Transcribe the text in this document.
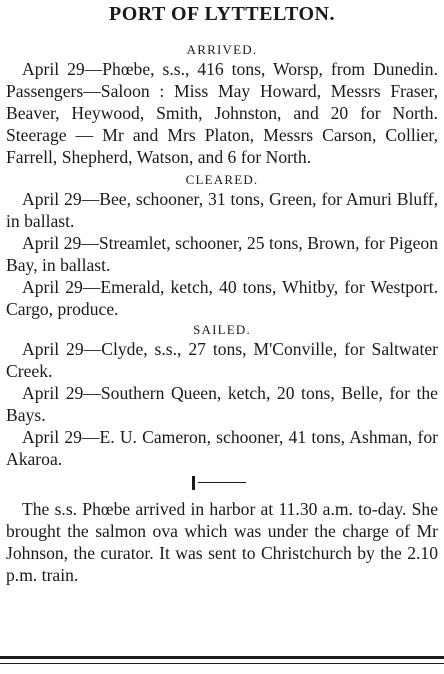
PORT OF LYTTELTON.
ARRIVED.

April 29—Phœbe, s.s., 416 tons, Worsp, from Dunedin. Passengers—Saloon : Miss May Howard, Messrs Fraser, Beaver, Heywood, Smith, Johnston, and 20 for North. Steerage — Mr and Mrs Platon, Messrs Carson, Collier, Farrell, Shepherd, Watson, and 6 for North.

CLEARED.

April 29—Bee, schooner, 31 tons, Green, for Amuri Bluff, in ballast.

April 29—Streamlet, schooner, 25 tons, Brown, for Pigeon Bay, in ballast.

April 29—Emerald, ketch, 40 tons, Whitby, for Westport. Cargo, produce.

SAILED.

April 29—Clyde, s.s., 27 tons, M'Conville, for Saltwater Creek.

April 29—Southern Queen, ketch, 20 tons, Belle, for the Bays.

April 29—E. U. Cameron, schooner, 41 tons, Ashman, for Akaroa.

The s.s. Phœbe arrived in harbor at 11.30 a.m. to-day. She brought the salmon ova which was under the charge of Mr Johnson, the curator. It was sent to Christchurch by the 2.10 p.m. train.
